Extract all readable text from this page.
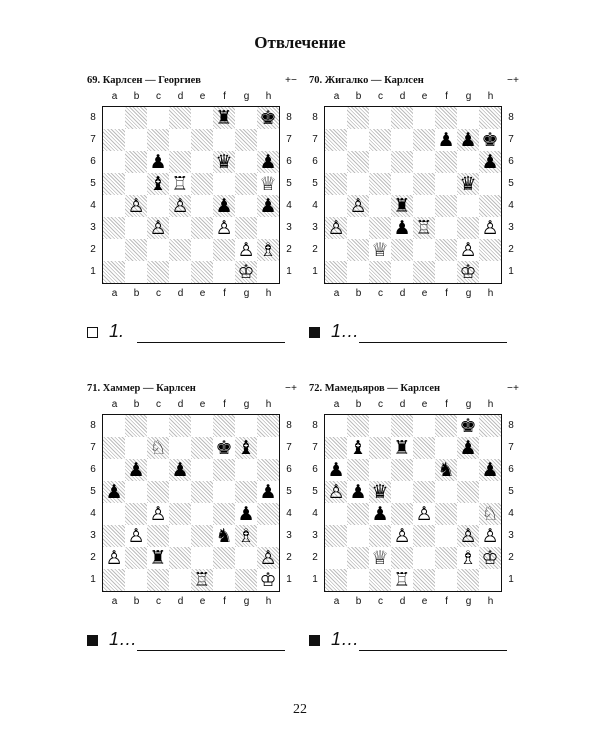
Отвлечение
69. Карлсен — Георгиев	+−
a
a
b
b
c
c
d
d
e
e
f
f
g
g
h
h
8	8
7	7
6	6
5	5
4	4
3	3
2	2
1	1
♜ ♚
♟	♛ ♟
♝ ♖	♕
♙ ♙ ♟ ♟
♙	♙
♙ ♗
♔
1.
70. Жигалко — Карлсен	−+
a
a
b
b
c
c
d
d
e
e
f
f
g
g
h
h
8	8
7	7
6	6
5	5
4	4
3	3
2	2
1	1
♟ ♟ ♚
♟
♛
♙ ♜
♙	♟ ♖	♙
♕	♙
♔
1…
71. Хаммер — Карлсен	−+
a
a
b
b
c
c
d
d
e
e
f
f
g
g
h
h
8	8
7	7
6	6
5	5
4	4
3	3
2	2
1	1
♘	♚ ♝
♟ ♟
♟	♟
♙	♟
♙	♞ ♗
♙ ♜	♙
♖	♔
1…
72. Мамедьяров — Карлсен	−+
a
a
b
b
c
c
d
d
e
e
f
f
g
g
h
h
8	8
7	7
6	6
5	5
4	4
3	3
2	2
1	1
♚
♝ ♜	♟
♟	♞ ♟
♙ ♟ ♛
♟ ♙	♘
♙	♙ ♙
♕	♗ ♔
♖
1…
22
